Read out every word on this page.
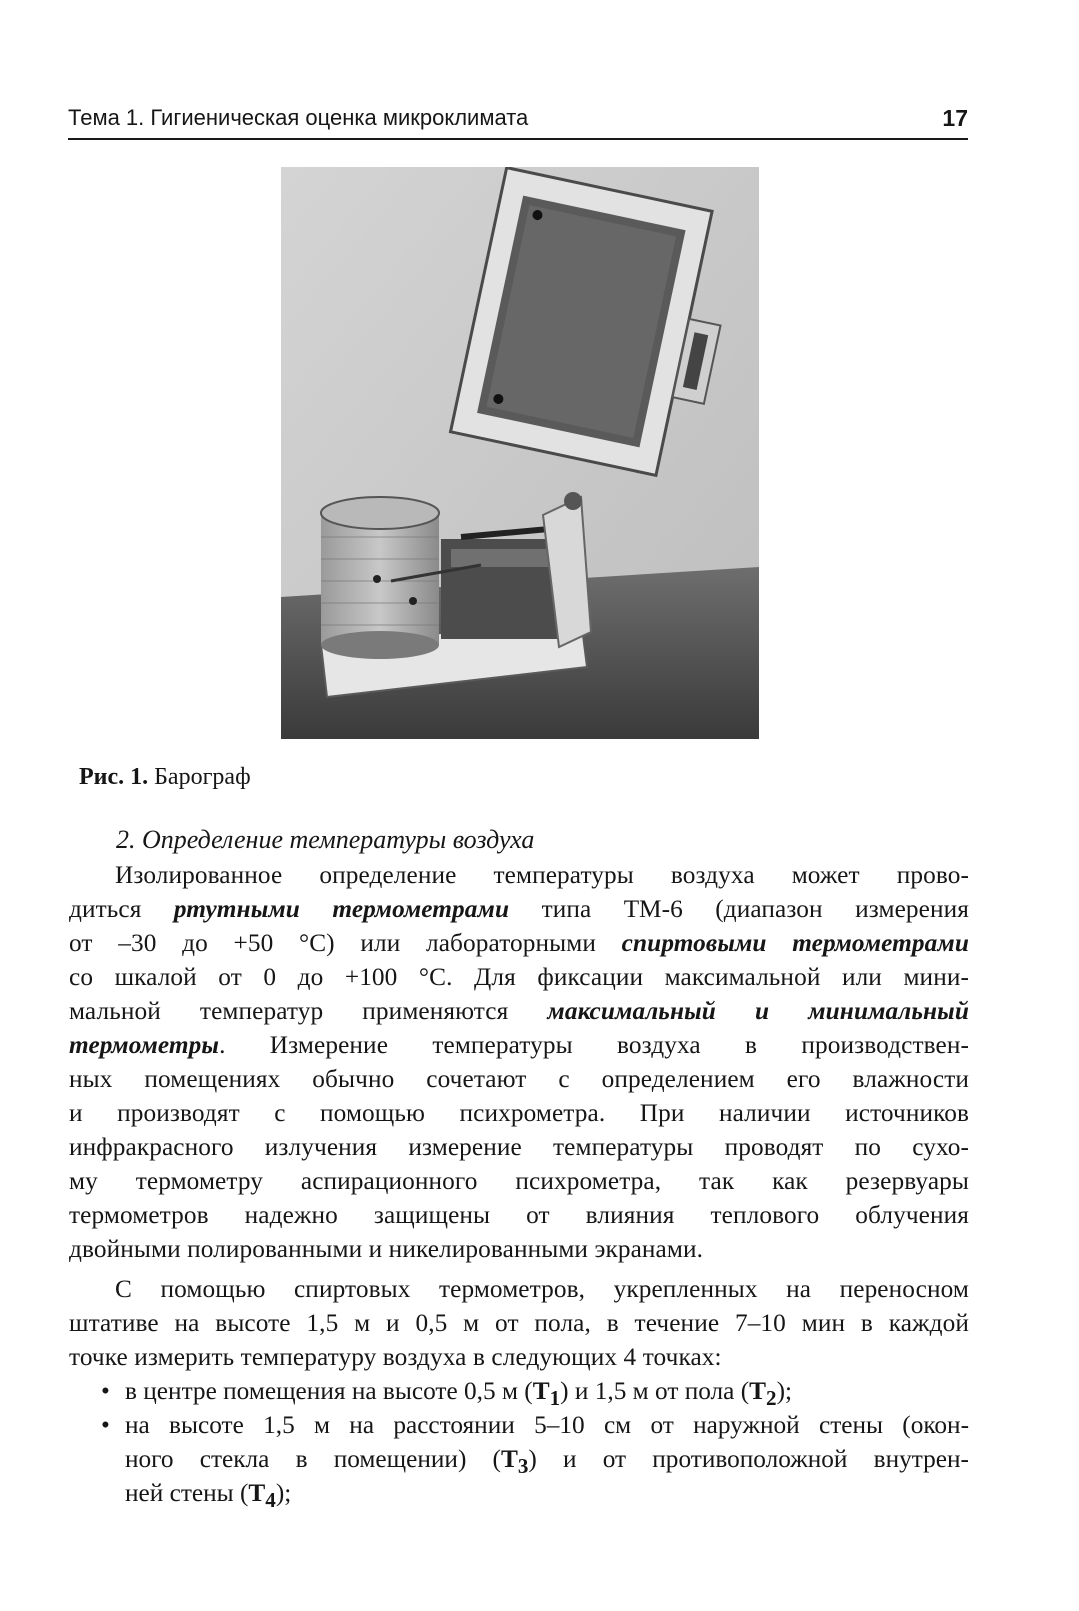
Тема 1. Гигиеническая оценка микроклимата	17
Рис. 1. Барограф
2. Определение температуры воздуха
Изолированное определение температуры воздуха может прово-
диться ртутными термометрами типа ТМ-6 (диапазон измерения
от –30 до +50 °С) или лабораторными спиртовыми термометрами
со шкалой от 0 до +100 °С. Для фиксации максимальной или мини-
мальной температур применяются максимальный и минимальный
термометры. Измерение температуры воздуха в производствен-
ных помещениях обычно сочетают с определением его влажности
и производят с помощью психрометра. При наличии источников
инфракрасного излучения измерение температуры проводят по сухо-
му термометру аспирационного психрометра, так как резервуары
термометров надежно защищены от влияния теплового облучения
двойными полированными и никелированными экранами.
С помощью спиртовых термометров, укрепленных на переносном
штативе на высоте 1,5 м и 0,5 м от пола, в течение 7–10 мин в каждой
точке измерить температуру воздуха в следующих 4 точках:
• в центре помещения на высоте 0,5 м $(T_1)$ и 1,5 м от пола $(T_2)$;
• на высоте 1,5 м на расстоянии 5–10 см от наружной стены (окон-
ного стекла в помещении) $(T_3)$ и от противоположной внутрен-
ней стены $(T_4)$;
